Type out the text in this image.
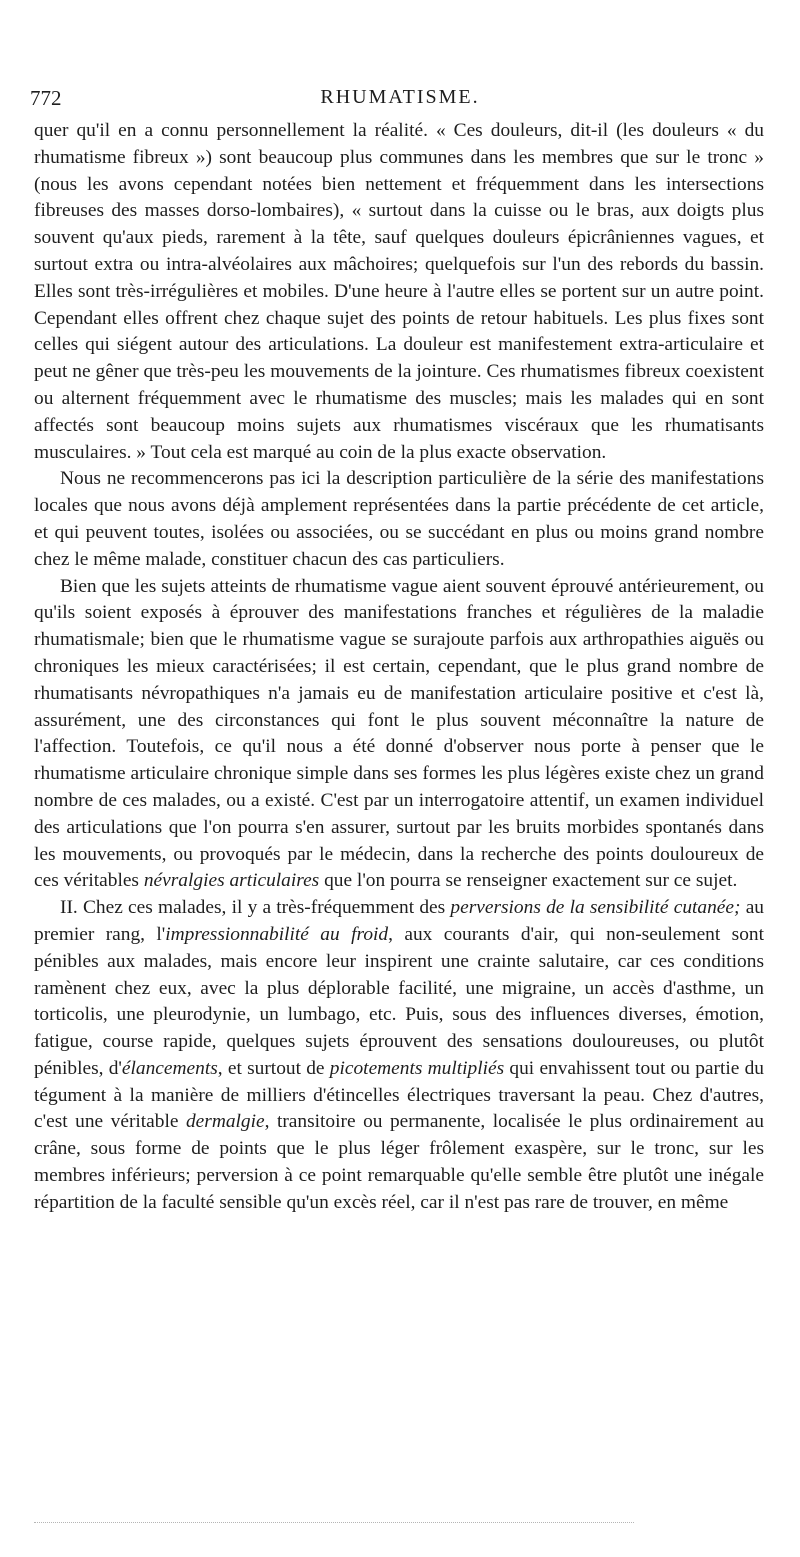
772	RHUMATISME.

quer qu'il en a connu personnellement la réalité. « Ces douleurs, dit-il (les douleurs « du rhumatisme fibreux ») sont beaucoup plus communes dans les membres que sur le tronc » (nous les avons cependant notées bien nettement et fréquemment dans les intersections fibreuses des masses dorso-lombaires), « surtout dans la cuisse ou le bras, aux doigts plus souvent qu'aux pieds, rarement à la tête, sauf quelques douleurs épicrâniennes vagues, et surtout extra ou intra-alvéolaires aux mâchoires; quelquefois sur l'un des rebords du bassin. Elles sont très-irrégulières et mobiles. D'une heure à l'autre elles se portent sur un autre point. Cependant elles offrent chez chaque sujet des points de retour habituels. Les plus fixes sont celles qui siégent autour des articulations. La douleur est manifestement extra-articulaire et peut ne gêner que très-peu les mouvements de la jointure. Ces rhumatismes fibreux coexistent ou alternent fréquemment avec le rhumatisme des muscles; mais les malades qui en sont affectés sont beaucoup moins sujets aux rhumatismes viscéraux que les rhumatisants musculaires. » Tout cela est marqué au coin de la plus exacte observation.

Nous ne recommencerons pas ici la description particulière de la série des manifestations locales que nous avons déjà amplement représentées dans la partie précédente de cet article, et qui peuvent toutes, isolées ou associées, ou se succédant en plus ou moins grand nombre chez le même malade, constituer chacun des cas particuliers.

Bien que les sujets atteints de rhumatisme vague aient souvent éprouvé antérieurement, ou qu'ils soient exposés à éprouver des manifestations franches et régulières de la maladie rhumatismale; bien que le rhumatisme vague se surajoute parfois aux arthropathies aiguës ou chroniques les mieux caractérisées; il est certain, cependant, que le plus grand nombre de rhumatisants névropathiques n'a jamais eu de manifestation articulaire positive et c'est là, assurément, une des circonstances qui font le plus souvent méconnaître la nature de l'affection. Toutefois, ce qu'il nous a été donné d'observer nous porte à penser que le rhumatisme articulaire chronique simple dans ses formes les plus légères existe chez un grand nombre de ces malades, ou a existé. C'est par un interrogatoire attentif, un examen individuel des articulations que l'on pourra s'en assurer, surtout par les bruits morbides spontanés dans les mouvements, ou provoqués par le médecin, dans la recherche des points douloureux de ces véritables névralgies articulaires que l'on pourra se renseigner exactement sur ce sujet.

II. Chez ces malades, il y a très-fréquemment des perversions de la sensibilité cutanée; au premier rang, l'impressionnabilité au froid, aux courants d'air, qui non-seulement sont pénibles aux malades, mais encore leur inspirent une crainte salutaire, car ces conditions ramènent chez eux, avec la plus déplorable facilité, une migraine, un accès d'asthme, un torticolis, une pleurodynie, un lumbago, etc. Puis, sous des influences diverses, émotion, fatigue, course rapide, quelques sujets éprouvent des sensations douloureuses, ou plutôt pénibles, d'élancements, et surtout de picotements multipliés qui envahissent tout ou partie du tégument à la manière de milliers d'étincelles électriques traversant la peau. Chez d'autres, c'est une véritable dermalgie, transitoire ou permanente, localisée le plus ordinairement au crâne, sous forme de points que le plus léger frôlement exaspère, sur le tronc, sur les membres inférieurs; perversion à ce point remarquable qu'elle semble être plutôt une inégale répartition de la faculté sensible qu'un excès réel, car il n'est pas rare de trouver, en même
